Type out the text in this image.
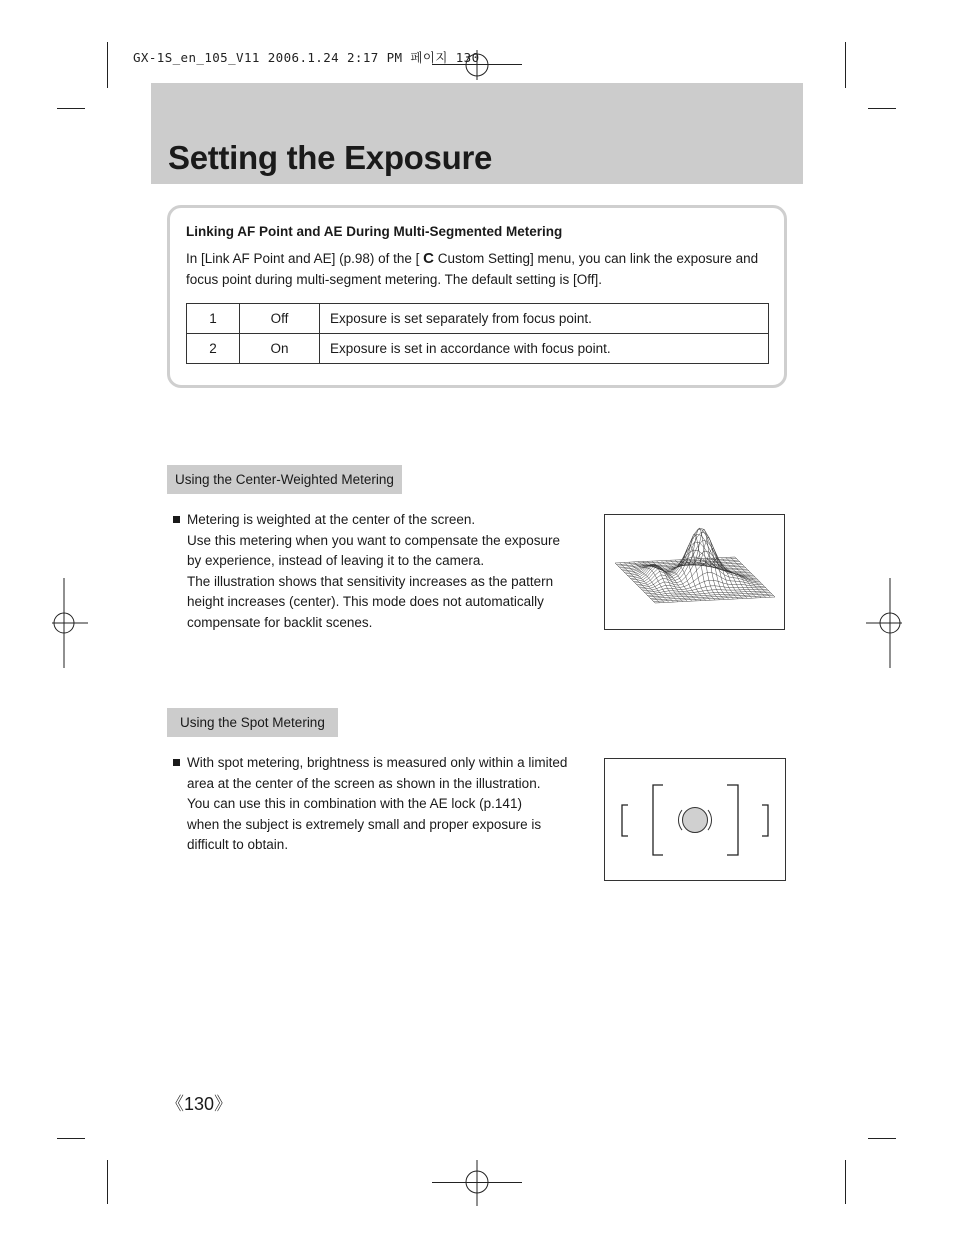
GX-1S_en_105_V11 2006.1.24 2:17 PM 페이지 130
Setting the Exposure
Linking AF Point and AE During Multi-Segmented Metering
In [Link AF Point and AE] (p.98) of the [ C Custom Setting] menu, you can link the exposure and focus point during multi-segment metering. The default setting is [Off].
1	Off	Exposure is set separately from focus point.
2	On	Exposure is set in accordance with focus point.
Using the Center-Weighted Metering
Metering is weighted at the center of the screen.
Use this metering when you want to compensate the exposure
by experience, instead of leaving it to the camera.
The illustration shows that sensitivity increases as the pattern
height increases (center). This mode does not automatically
compensate for backlit scenes.
Using the Spot Metering
With spot metering, brightness is measured only within a limited
area at the center of the screen as shown in the illustration.
You can use this in combination with the AE lock (p.141)
when the subject is extremely small and proper exposure is
difficult to obtain.
《130》
